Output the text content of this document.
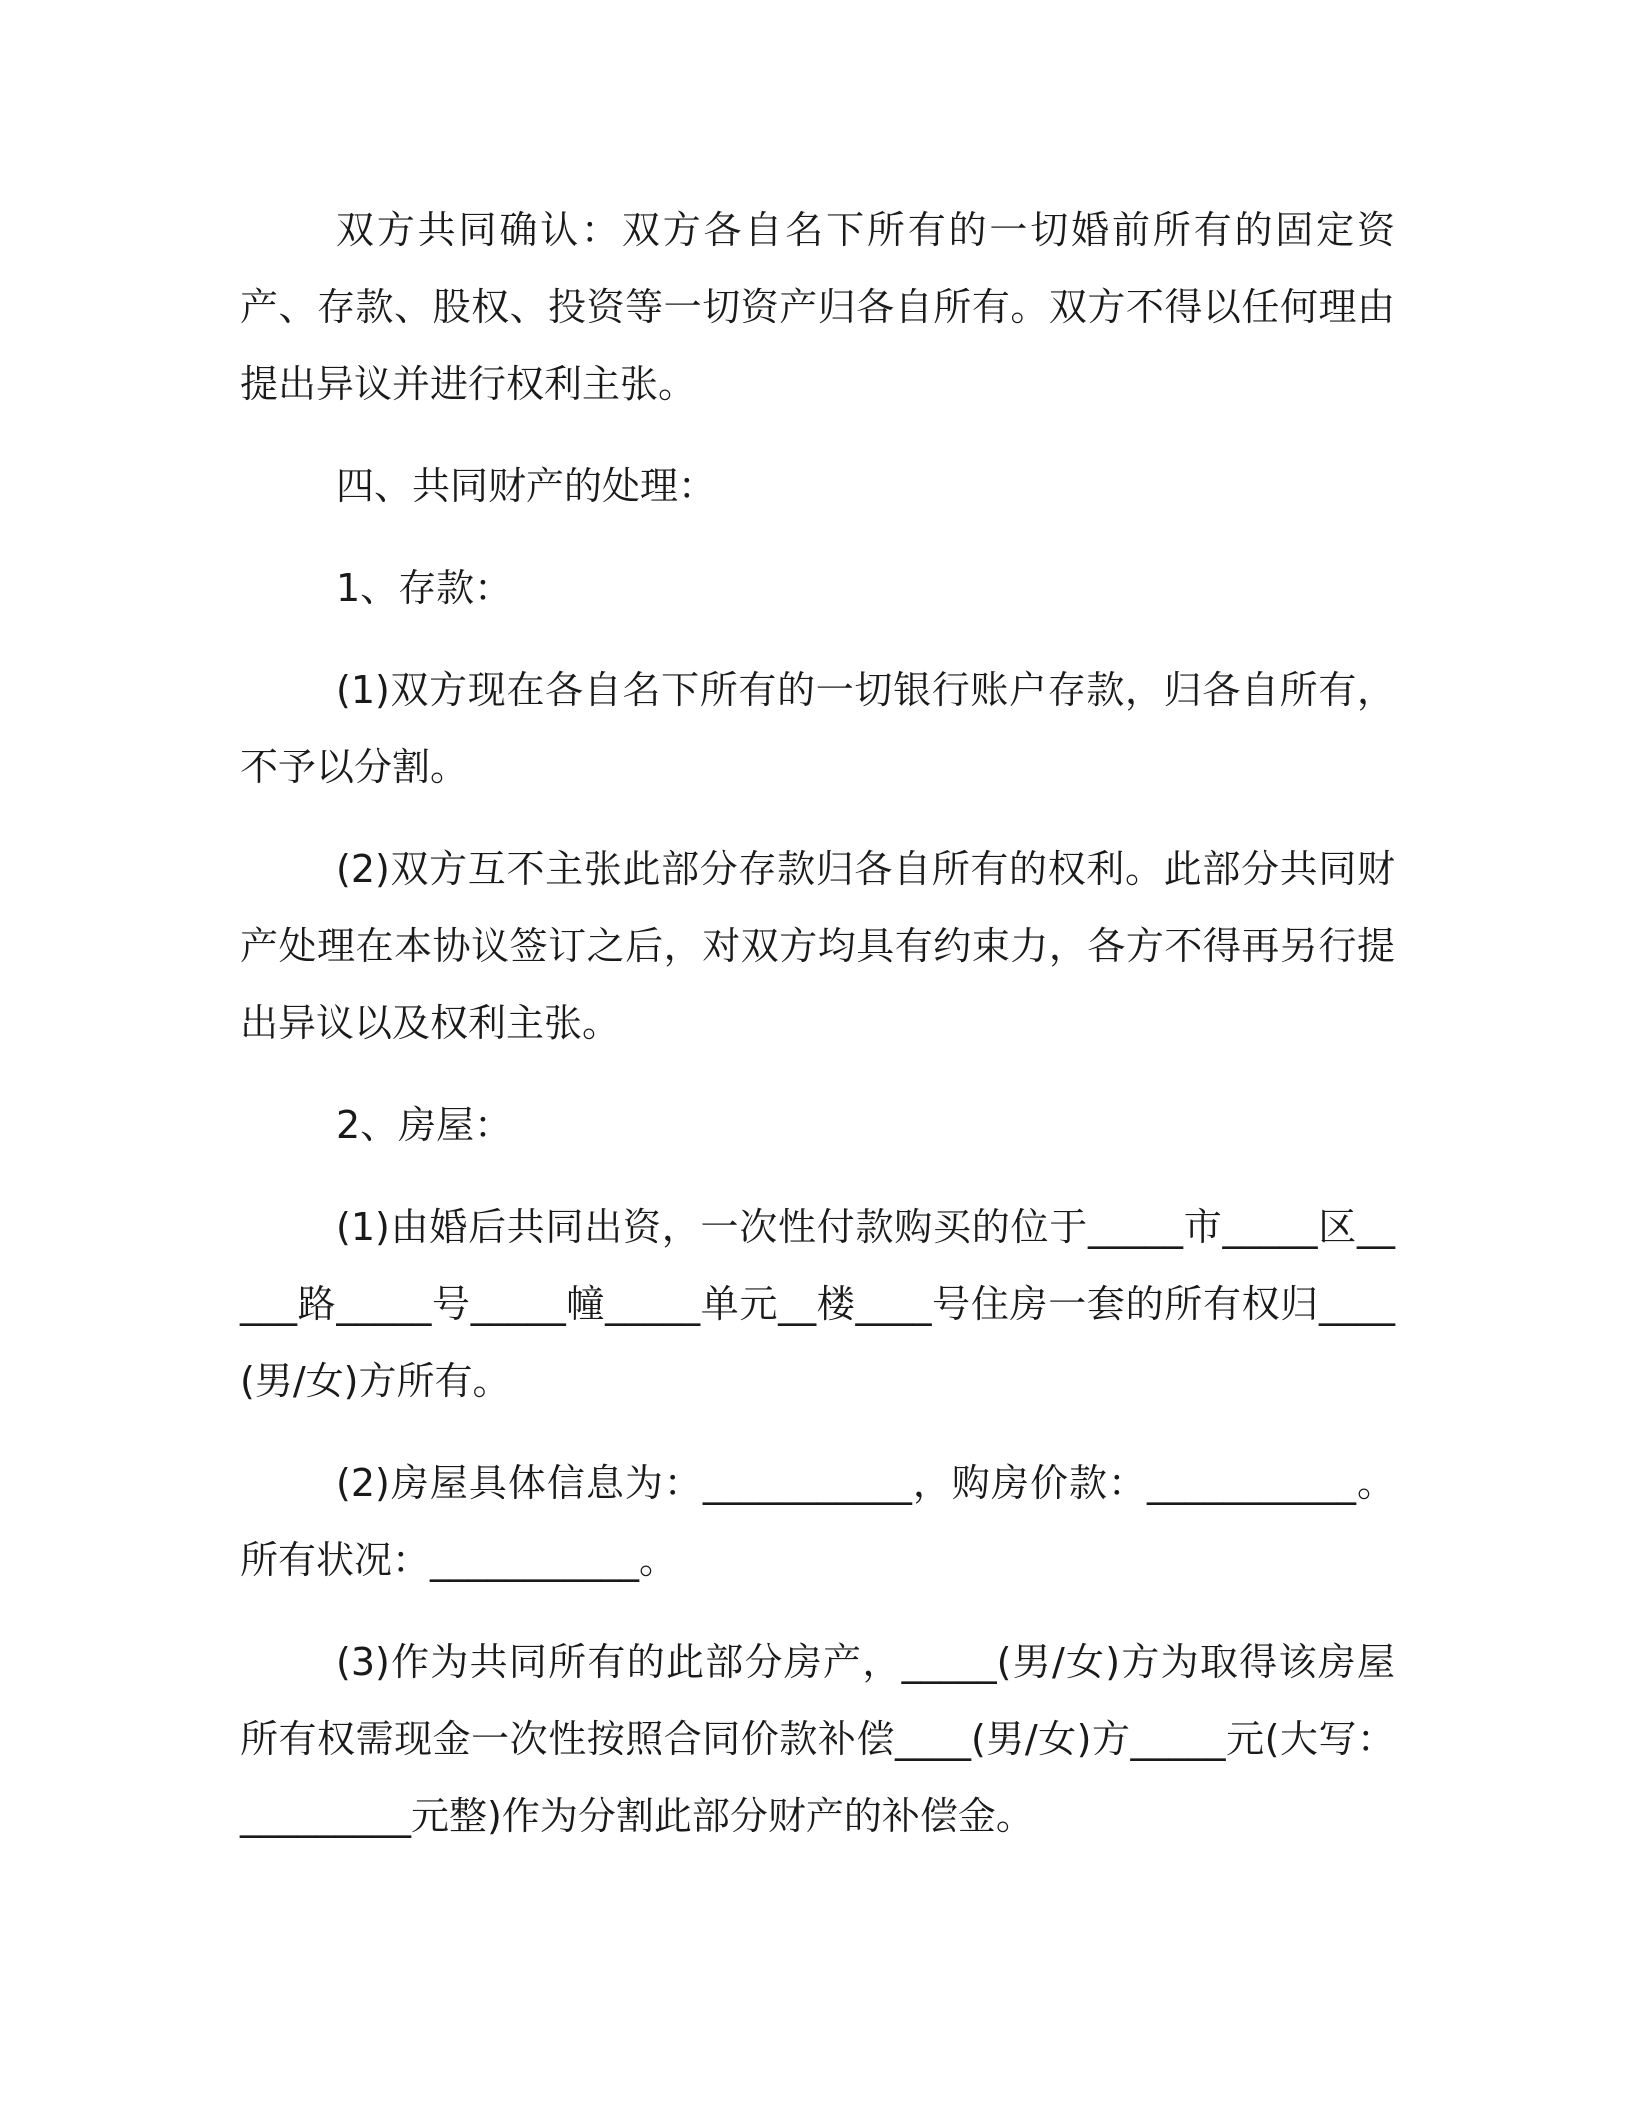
双方共同确认：双方各自名下所有的一切婚前所有的固定资产、存款、股权、投资等一切资产归各自所有。双方不得以任何理由提出异议并进行权利主张。

四、共同财产的处理：

1、存款：

(1)双方现在各自名下所有的一切银行账户存款，归各自所有，不予以分割。

(2)双方互不主张此部分存款归各自所有的权利。此部分共同财产处理在本协议签订之后，对双方均具有约束力，各方不得再另行提出异议以及权利主张。

2、房屋：

(1)由婚后共同出资，一次性付款购买的位于_____市_____区_____路_____号_____幢_____单元__楼____号住房一套的所有权归____(男/女)方所有。

(2)房屋具体信息为：___________，购房价款：___________。所有状况：___________。

(3)作为共同所有的此部分房产，_____(男/女)方为取得该房屋所有权需现金一次性按照合同价款补偿____(男/女)方_____元(大写：_________元整)作为分割此部分财产的补偿金。
